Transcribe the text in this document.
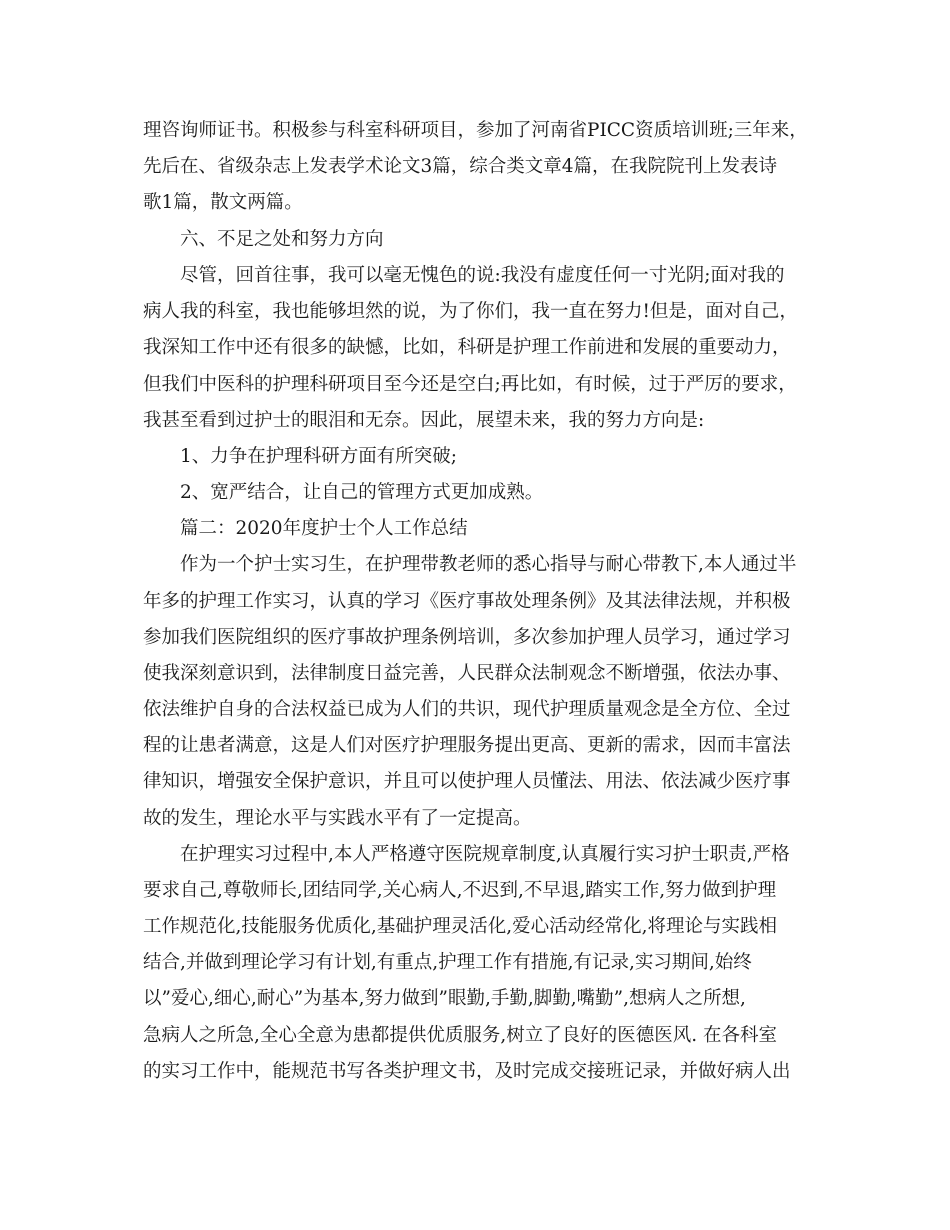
理咨询师证书。积极参与科室科研项目，参加了河南省PICC资质培训班;三年来，
先后在、省级杂志上发表学术论文3篇，综合类文章4篇，在我院院刊上发表诗
歌1篇，散文两篇。
六、不足之处和努力方向
尽管，回首往事，我可以毫无愧色的说:我没有虚度任何一寸光阴;面对我的
病人我的科室，我也能够坦然的说，为了你们，我一直在努力!但是，面对自己，
我深知工作中还有很多的缺憾，比如，科研是护理工作前进和发展的重要动力，
但我们中医科的护理科研项目至今还是空白;再比如，有时候，过于严厉的要求，
我甚至看到过护士的眼泪和无奈。因此，展望未来，我的努力方向是:
1、力争在护理科研方面有所突破;
2、宽严结合，让自己的管理方式更加成熟。
篇二：2020年度护士个人工作总结
作为一个护士实习生，在护理带教老师的悉心指导与耐心带教下,本人通过半
年多的护理工作实习，认真的学习《医疗事故处理条例》及其法律法规，并积极
参加我们医院组织的医疗事故护理条例培训，多次参加护理人员学习，通过学习
使我深刻意识到，法律制度日益完善，人民群众法制观念不断增强，依法办事、
依法维护自身的合法权益已成为人们的共识，现代护理质量观念是全方位、全过
程的让患者满意，这是人们对医疗护理服务提出更高、更新的需求，因而丰富法
律知识，增强安全保护意识，并且可以使护理人员懂法、用法、依法减少医疗事
故的发生，理论水平与实践水平有了一定提高。
在护理实习过程中,本人严格遵守医院规章制度,认真履行实习护士职责,严格
要求自己,尊敬师长,团结同学,关心病人,不迟到,不早退,踏实工作,努力做到护理
工作规范化,技能服务优质化,基础护理灵活化,爱心活动经常化,将理论与实践相
结合,并做到理论学习有计划,有重点,护理工作有措施,有记录,实习期间,始终
以”爱心,细心,耐心”为基本,努力做到”眼勤,手勤,脚勤,嘴勤”,想病人之所想,
急病人之所急,全心全意为患都提供优质服务,树立了良好的医德医风. 在各科室
的实习工作中，能规范书写各类护理文书，及时完成交接班记录，并做好病人出
